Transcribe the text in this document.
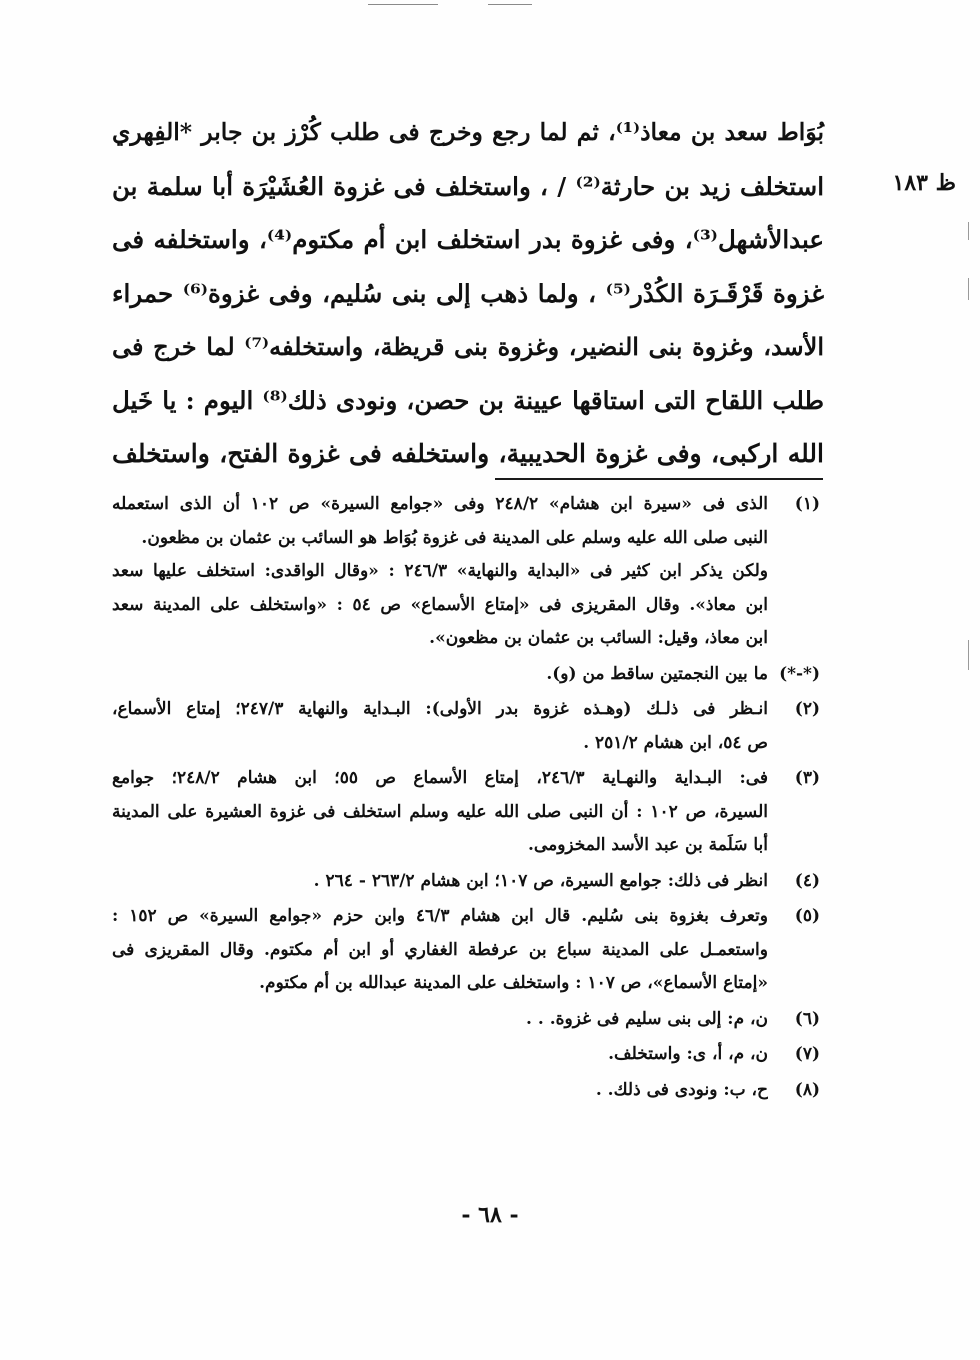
ظ ١٨٣
بُوَاط سعد بن معاذ⁽¹⁾، ثم لما رجع وخرج فى طلب كُرْز بن جابر *الفِهري
استخلف زيد بن حارثة⁽²⁾ / ، واستخلف فى غزوة العُشَيْرَة أبا سلمة بن
عبدالأشهل⁽³⁾، وفى غزوة بدر استخلف ابن أم مكتوم⁽⁴⁾، واستخلفه فى
غزوة قَرْقَـرَة الكُدْر⁽⁵⁾ ، ولما ذهب إلى بنى سُليم، وفى غزوة⁽⁶⁾ حمراء
الأسد، وغزوة بنى النضير، وغزوة بنى قريظة، واستخلفه⁽⁷⁾ لما خرج فى
طلب اللقاح التى استاقها عيينة بن حصن، ونودى ذلك⁽⁸⁾ اليوم : يا خَيل
الله اركبى، وفى غزوة الحديبية، واستخلفه فى غزوة الفتح، واستخلف
(١)
الذى فى «سيرة ابن هشام» ٢٤٨/٢ وفى «جوامع السيرة» ص ١٠٢ أن الذى استعمله
النبى صلى الله عليه وسلم على المدينة فى غزوة بُوَاط هو السائب بن عثمان بن مظعون.
ولكن يذكر ابن كثير فى «البداية والنهاية» ٢٤٦/٣ : «وقال الواقدى: استخلف عليها سعد
ابن معاذ». وقال المقريزى فى «إمتاع الأسماع» ص ٥٤ : «واستخلف على المدينة سعد
ابن معاذ، وقيل: السائب بن عثمان بن مظعون».
(*-*)
ما بين النجمتين ساقط من (و).
(٢)
انـظر فى ذلـك (وهـذه غزوة بدر الأولى): البـداية والنهاية ٢٤٧/٣؛ إمتاع الأسماع،
ص ٥٤، ابن هشام ٢٥١/٢ .
(٣)
فى: البـداية والنهـاية ٢٤٦/٣، إمتاع الأسماع ص ٥٥؛ ابن هشام ٢٤٨/٢؛ جوامع
السيرة، ص ١٠٢ : أن النبى صلى الله عليه وسلم استخلف فى غزوة العشيرة على المدينة
أبا سَلَمة بن عبد الأسد المخزومى.
(٤)
انظر فى ذلك: جوامع السيرة، ص ١٠٧؛ ابن هشام ٢٦٣/٢ - ٢٦٤ .
(٥)
وتعرف بغزوة بنى سُليم. قال ابن هشام ٤٦/٣ وابن حزم «جوامع السيرة» ص ١٥٢ :
واستعمـل على المدينة سباع بن عرفطة الغفاري أو ابن أم مكتوم. وقال المقريزى فى
«إمتاع الأسماع»، ص ١٠٧ : واستخلف على المدينة عبدالله بن أم مكتوم.
(٦)
ن، م: إلى بنى سليم فى غزوة. . .
(٧)
ن، م، أ، ى: واستخلف.
(٨)
ح، ب: ونودى فى ذلك. .
- ٦٨ -
